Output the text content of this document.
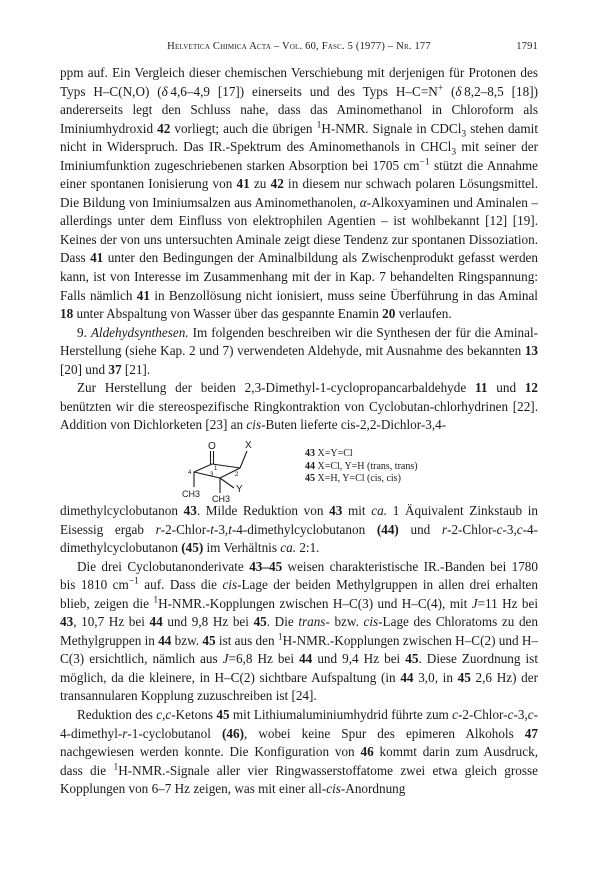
Helvetica Chimica Acta – Vol. 60, Fasc. 5 (1977) – Nr. 177	1791

ppm auf. Ein Vergleich dieser chemischen Verschiebung mit derjenigen für Protonen des Typs H–C(N,O) (δ 4,6–4,9 [17]) einerseits und des Typs H–C=N+ (δ 8,2–8,5 [18]) andererseits legt den Schluss nahe, dass das Aminomethanol in Chloroform als Iminiumhydroxid 42 vorliegt; auch die übrigen $^1$H-NMR. Signale in CDCl$_3$ stehen damit nicht in Widerspruch. Das IR.-Spektrum des Aminomethanols in CHCl$_3$ mit seiner der Iminiumfunktion zugeschriebenen starken Absorption bei 1705 $cm^{-1}$ stützt die Annahme einer spontanen Ionisierung von 41 zu 42 in diesem nur schwach polaren Lösungsmittel. Die Bildung von Iminiumsalzen aus Aminomethanolen, α-Alkoxyaminen und Aminalen – allerdings unter dem Einfluss von elektrophilen Agentien – ist wohlbekannt [12] [19]. Keines der von uns untersuchten Aminale zeigt diese Tendenz zur spontanen Dissoziation. Dass 41 unter den Bedingungen der Aminalbildung als Zwischenprodukt gefasst werden kann, ist von Interesse im Zusammenhang mit der in Kap. 7 behandelten Ringspannung: Falls nämlich 41 in Benzollösung nicht ionisiert, muss seine Überführung in das Aminal 18 unter Abspaltung von Wasser über das gespannte Enamin 20 verlaufen.

9. Aldehydsynthesen. Im folgenden beschreiben wir die Synthesen der für die Aminal-Herstellung (siehe Kap. 2 und 7) verwendeten Aldehyde, mit Ausnahme des bekannten 13 [20] und 37 [21].

Zur Herstellung der beiden 2,3-Dimethyl-1-cyclopropancarbaldehyde 11 und 12 benützten wir die stereospezifische Ringkontraktion von Cyclobutan-chlorhydrinen [22]. Addition von Dichlorketen [23] an cis-Buten lieferte cis-2,2-Dichlor-3,4-

O	X
Y
1
2
3
4
CH3 CH3
43 X=Y=Cl
44 X=Cl, Y=H (trans, trans)
45 X=H, Y=Cl (cis, cis)

dimethylcyclobutanon 43. Milde Reduktion von 43 mit ca. 1 Äquivalent Zinkstaub in Eisessig ergab r-2-Chlor-t-3,t-4-dimethylcyclobutanon (44) und r-2-Chlor-c-3,c-4-dimethylcyclobutanon (45) im Verhältnis ca. 2:1.

Die drei Cyclobutanonderivate 43–45 weisen charakteristische IR.-Banden bei 1780 bis 1810 $cm^{-1}$ auf. Dass die cis-Lage der beiden Methylgruppen in allen drei erhalten blieb, zeigen die $^1$H-NMR.-Kopplungen zwischen H–C(3) und H–C(4), mit J=11 Hz bei 43, 10,7 Hz bei 44 und 9,8 Hz bei 45. Die trans- bzw. cis-Lage des Chloratoms zu den Methylgruppen in 44 bzw. 45 ist aus den $^1$H-NMR.-Kopplungen zwischen H–C(2) und H–C(3) ersichtlich, nämlich aus J=6,8 Hz bei 44 und 9,4 Hz bei 45. Diese Zuordnung ist möglich, da die kleinere, in H–C(2) sichtbare Aufspaltung (in 44 3,0, in 45 2,6 Hz) der transannularen Kopplung zuzuschreiben ist [24].

Reduktion des c,c-Ketons 45 mit Lithiumaluminiumhydrid führte zum c-2-Chlor-c-3,c-4-dimethyl-r-1-cyclobutanol (46), wobei keine Spur des epimeren Alkohols 47 nachgewiesen werden konnte. Die Konfiguration von 46 kommt darin zum Ausdruck, dass die $^1$H-NMR.-Signale aller vier Ringwasserstoffatome zwei etwa gleich grosse Kopplungen von 6–7 Hz zeigen, was mit einer all-cis-Anordnung
